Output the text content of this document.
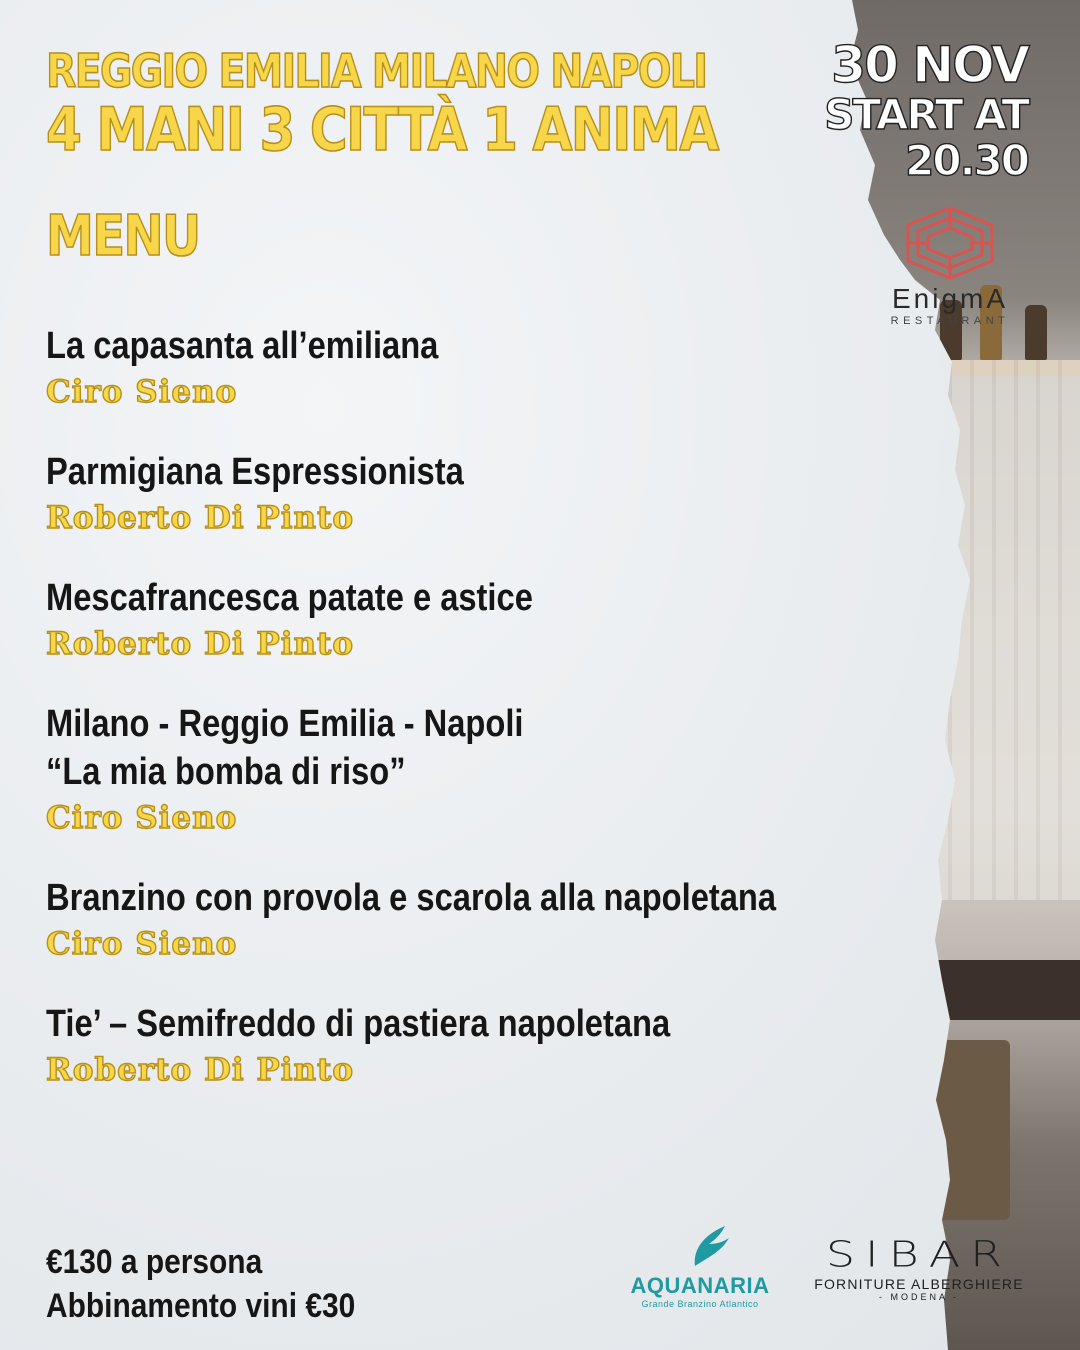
REGGIO EMILIA MILANO NAPOLI
4 MANI 3 CITTÀ 1 ANIMA
MENU
30 NOV
START AT
20.30
EnigmA
RESTAURANT
La capasanta all’emiliana
Ciro Sieno
Parmigiana Espressionista
Roberto Di Pinto
Mescafrancesca patate e astice
Roberto Di Pinto
Milano - Reggio Emilia - Napoli
“La mia bomba di riso”
Ciro Sieno
Branzino con provola e scarola alla napoletana
Ciro Sieno
Tie’ – Semifreddo di pastiera napoletana
Roberto Di Pinto
€130 a persona
Abbinamento vini €30
AQUANARIA
Grande Branzino Atlantico
SIBAR
FORNITURE ALBERGHIERE
- MODENA -
